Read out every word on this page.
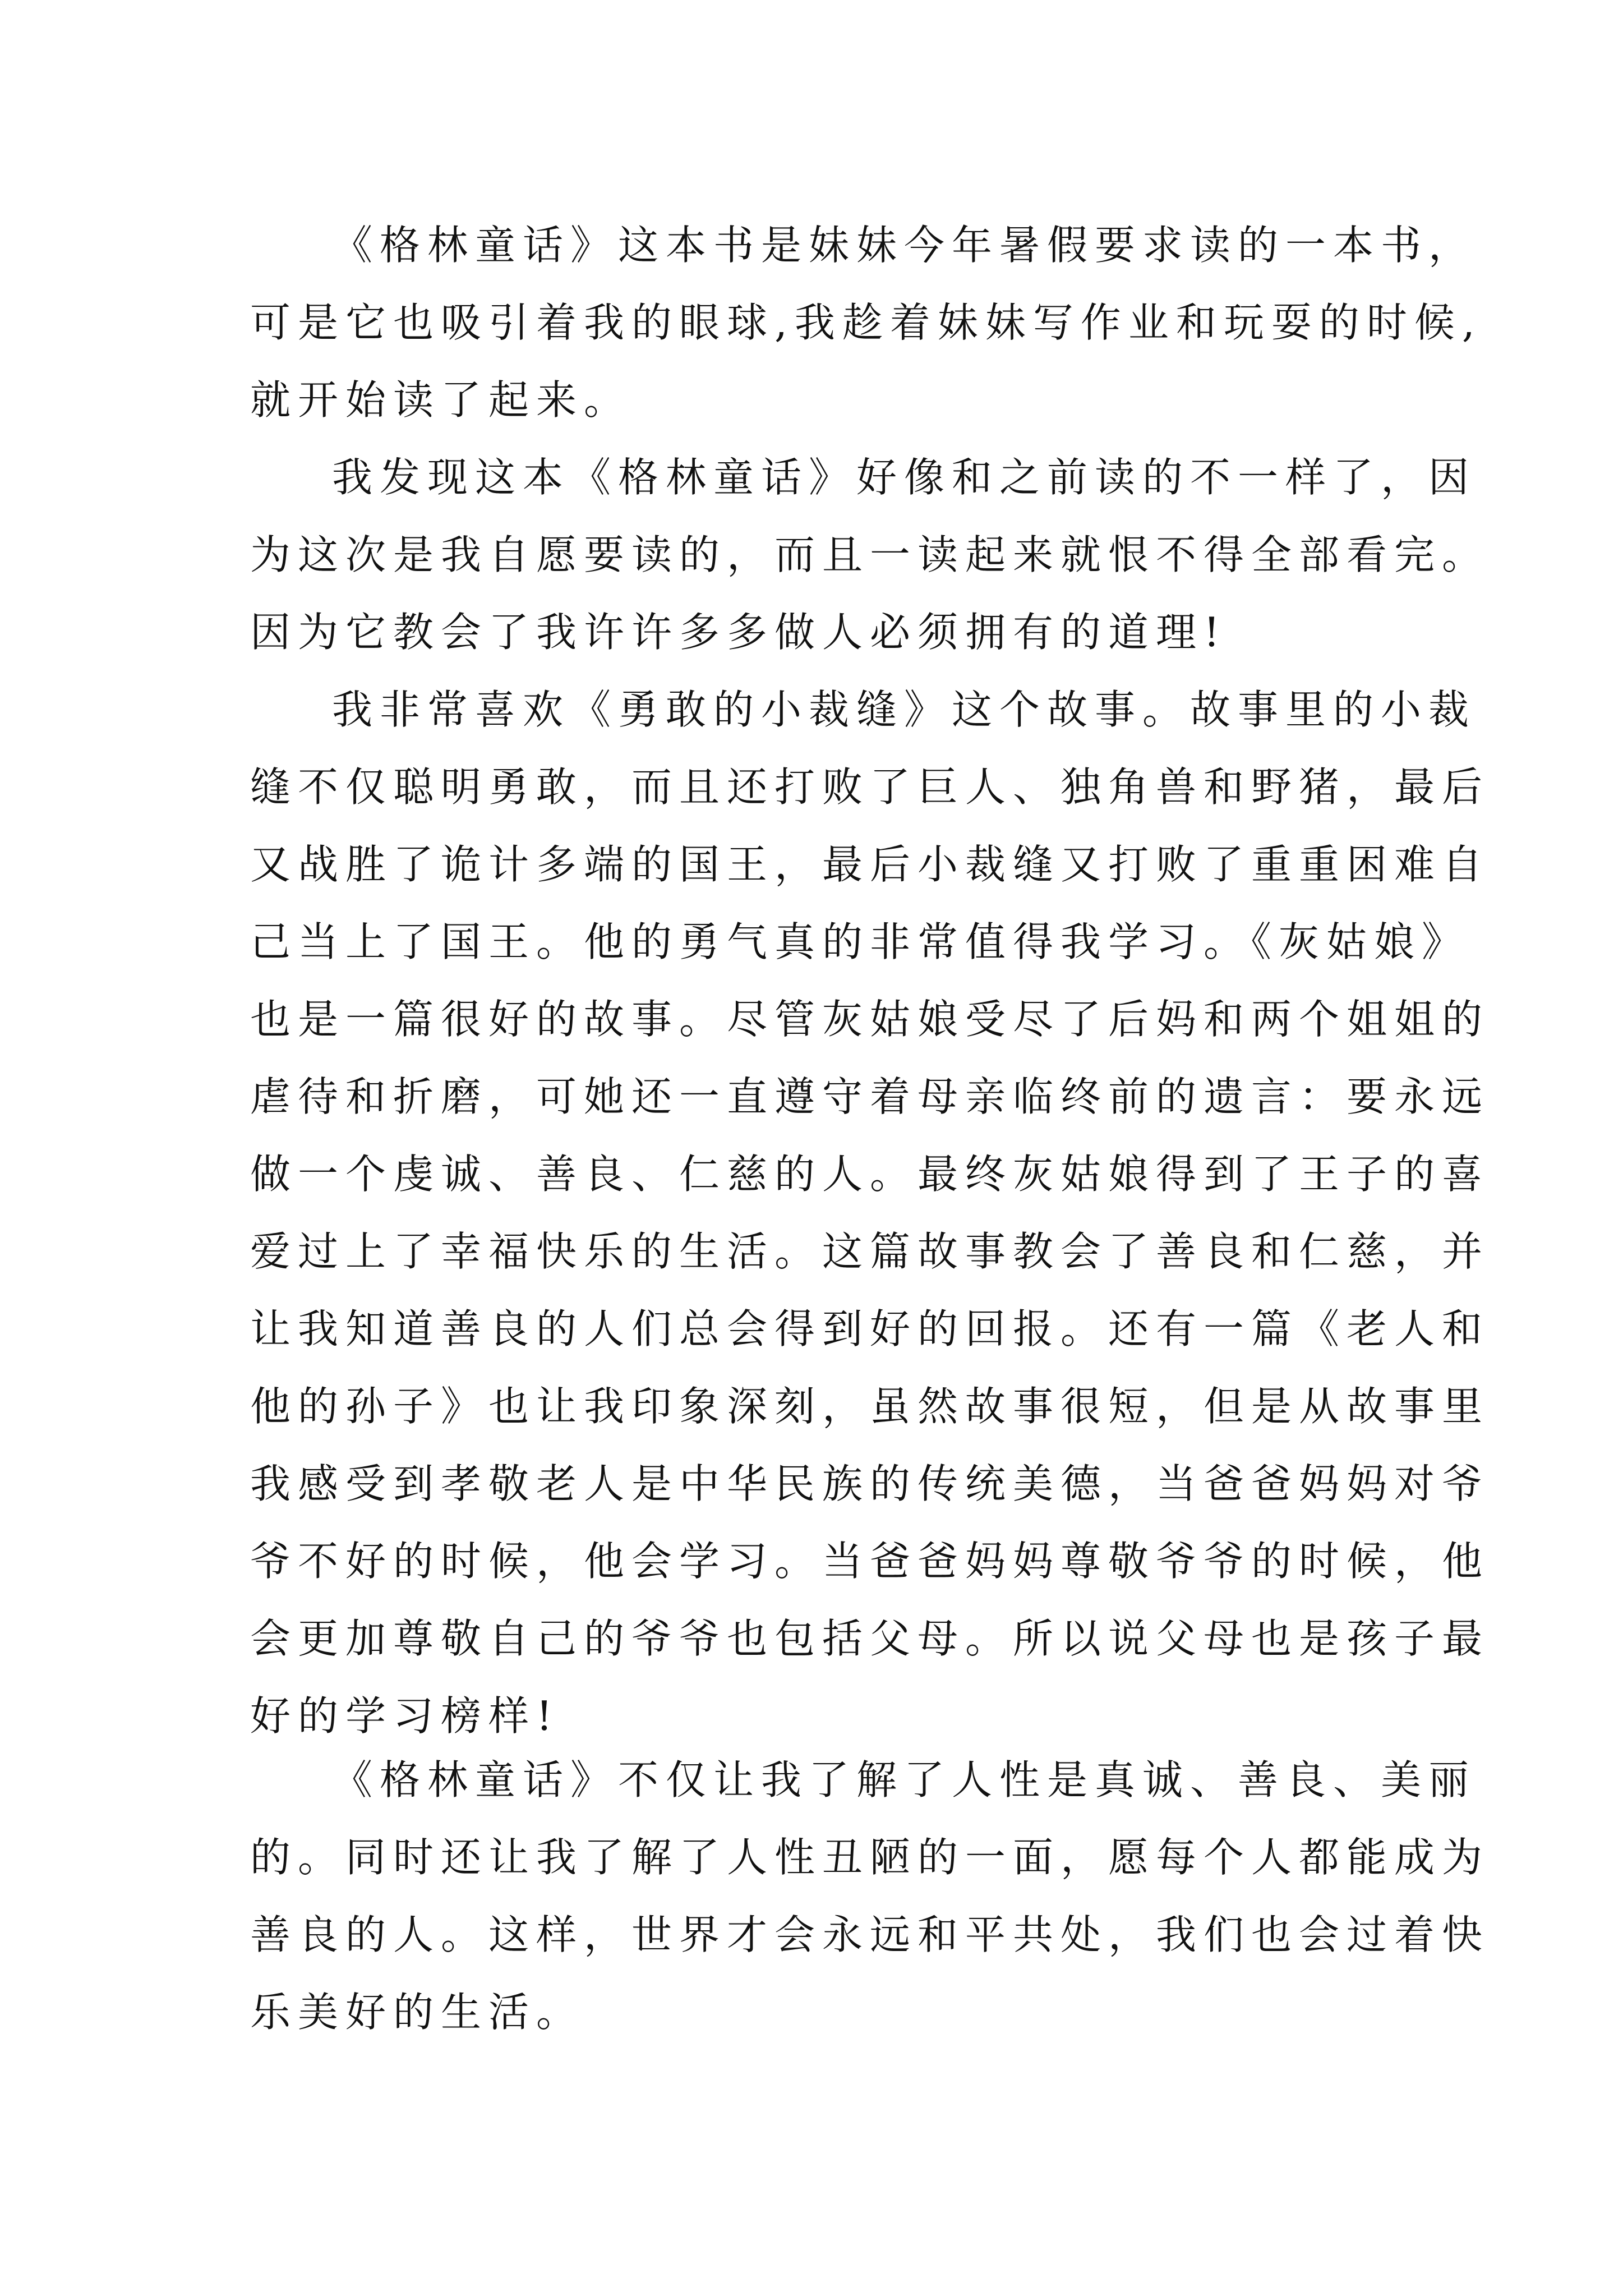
《格林童话》这本书是妹妹今年暑假要求读的一本书，
可是它也吸引着我的眼球,我趁着妹妹写作业和玩耍的时候,
就开始读了起来。
我发现这本《格林童话》好像和之前读的不一样了，因
为这次是我自愿要读的，而且一读起来就恨不得全部看完。
因为它教会了我许许多多做人必须拥有的道理!
我非常喜欢《勇敢的小裁缝》这个故事。故事里的小裁
缝不仅聪明勇敢，而且还打败了巨人、独角兽和野猪，最后
又战胜了诡计多端的国王，最后小裁缝又打败了重重困难自
己当上了国王。他的勇气真的非常值得我学习。《灰姑娘》
也是一篇很好的故事。尽管灰姑娘受尽了后妈和两个姐姐的
虐待和折磨，可她还一直遵守着母亲临终前的遗言：要永远
做一个虔诚、善良、仁慈的人。最终灰姑娘得到了王子的喜
爱过上了幸福快乐的生活。这篇故事教会了善良和仁慈，并
让我知道善良的人们总会得到好的回报。还有一篇《老人和
他的孙子》也让我印象深刻，虽然故事很短，但是从故事里
我感受到孝敬老人是中华民族的传统美德，当爸爸妈妈对爷
爷不好的时候，他会学习。当爸爸妈妈尊敬爷爷的时候，他
会更加尊敬自己的爷爷也包括父母。所以说父母也是孩子最
好的学习榜样!
《格林童话》不仅让我了解了人性是真诚、善良、美丽
的。同时还让我了解了人性丑陋的一面，愿每个人都能成为
善良的人。这样，世界才会永远和平共处，我们也会过着快
乐美好的生活。
